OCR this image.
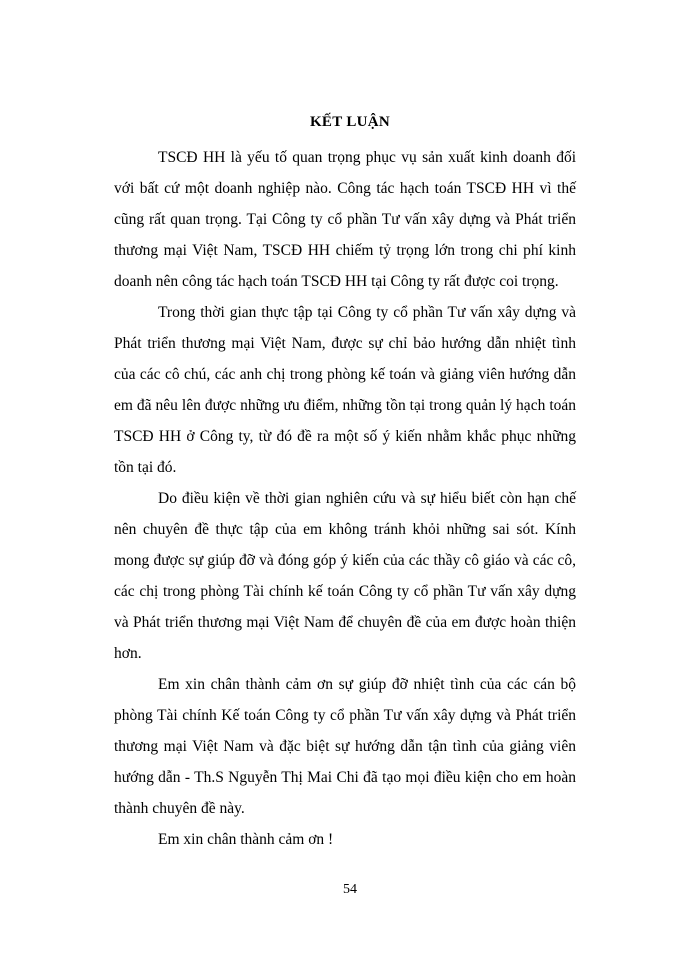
KẾT LUẬN

TSCĐ HH là yếu tố quan trọng phục vụ sản xuất kinh doanh đối với bất cứ một doanh nghiệp nào. Công tác hạch toán TSCĐ HH vì thế cũng rất quan trọng. Tại Công ty cổ phần Tư vấn xây dựng và Phát triển thương mại Việt Nam, TSCĐ HH chiếm tỷ trọng lớn trong chi phí kinh doanh nên công tác hạch toán TSCĐ HH tại Công ty rất được coi trọng.

Trong thời gian thực tập tại Công ty cổ phần Tư vấn xây dựng và Phát triển thương mại Việt Nam, được sự chỉ bảo hướng dẫn nhiệt tình của các cô chú, các anh chị trong phòng kế toán và giảng viên hướng dẫn em đã nêu lên được những ưu điểm, những tồn tại trong quản lý hạch toán TSCĐ HH ở Công ty, từ đó đề ra một số ý kiến nhằm khắc phục những tồn tại đó.

Do điều kiện về thời gian nghiên cứu và sự hiểu biết còn hạn chế nên chuyên đề thực tập của em không tránh khỏi những sai sót. Kính mong được sự giúp đỡ và đóng góp ý kiến của các thầy cô giáo và các cô, các chị trong phòng Tài chính kế toán Công ty cổ phần Tư vấn xây dựng và Phát triển thương mại Việt Nam để chuyên đề của em được hoàn thiện hơn.

Em xin chân thành cảm ơn sự giúp đỡ nhiệt tình của các cán bộ phòng Tài chính Kế toán Công ty cổ phần Tư vấn xây dựng và Phát triển thương mại Việt Nam và đặc biệt sự hướng dẫn tận tình của giảng viên hướng dẫn - Th.S Nguyễn Thị Mai Chi đã tạo mọi điều kiện cho em hoàn thành chuyên đề này.

Em xin chân thành cảm ơn !

54
